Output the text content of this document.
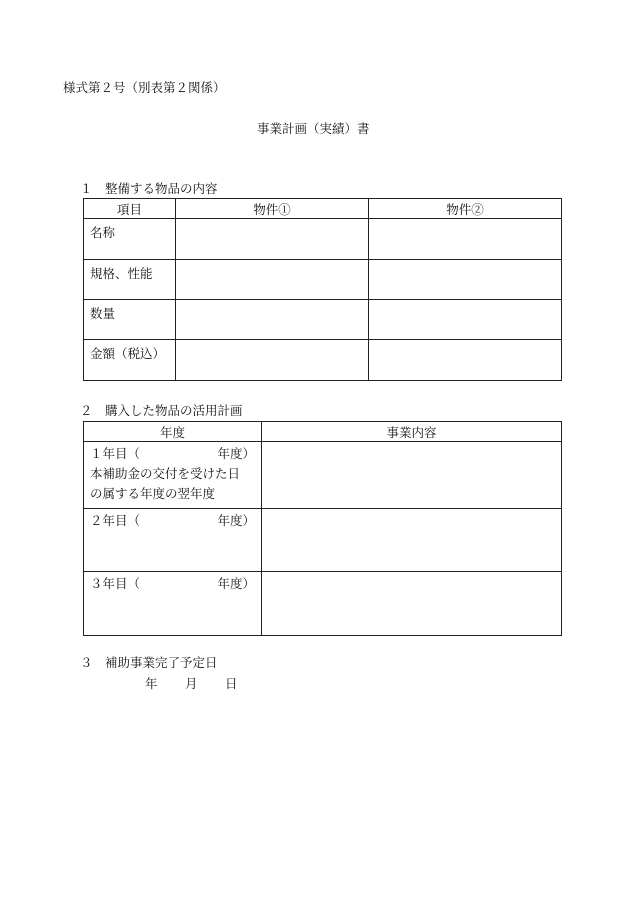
様式第２号（別表第２関係）
事業計画（実績）書
１　整備する物品の内容
項目	物件①	物件②
名称		
規格、性能		
数量		
金額（税込）		
２　購入した物品の活用計画
年度	事業内容

１年目（ 年度）
本補助金の交付を受けた日
の属する年度の翌年度	

２年目（ 年度）	

３年目（ 年度）	

３　補助事業完了予定日
年 月 日
